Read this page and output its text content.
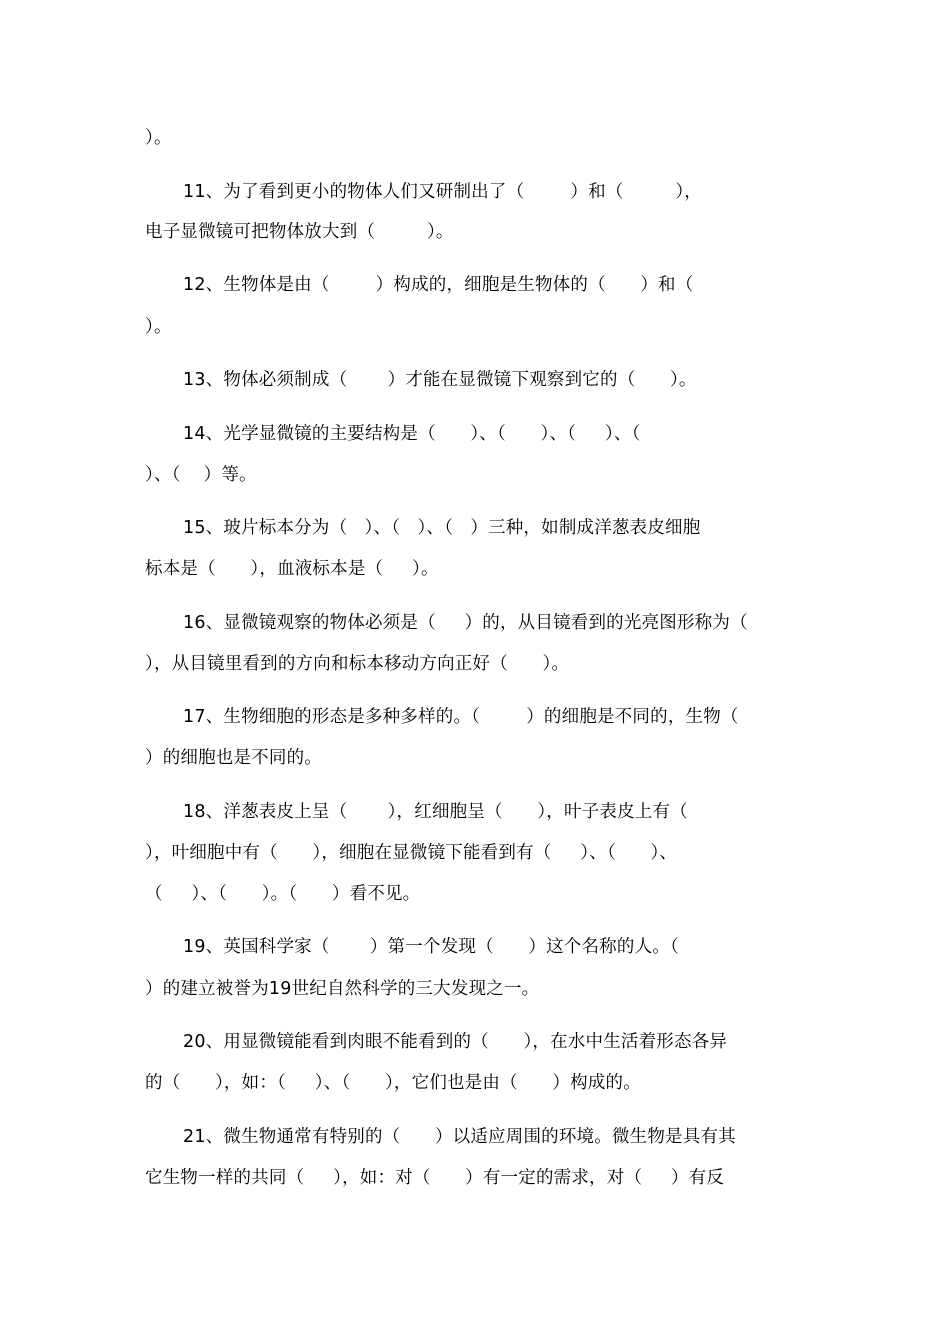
）。
11、为了看到更小的物体人们又研制出了（        ）和（         ），
电子显微镜可把物体放大到（         ）。
12、生物体是由（        ）构成的，细胞是生物体的（      ）和（
）。
13、物体必须制成（       ）才能在显微镜下观察到它的（      ）。
14、光学显微镜的主要结构是（      ）、（      ）、（     ）、（
）、（    ）等。
15、玻片标本分为（   ）、（   ）、（   ）三种，如制成洋葱表皮细胞
标本是（      ），血液标本是（     ）。
16、显微镜观察的物体必须是（     ）的，从目镜看到的光亮图形称为（
），从目镜里看到的方向和标本移动方向正好（      ）。
17、生物细胞的形态是多种多样的。（        ）的细胞是不同的，生物（
）的细胞也是不同的。
18、洋葱表皮上呈（       ），红细胞呈（      ），叶子表皮上有（
），叶细胞中有（      ），细胞在显微镜下能看到有（     ）、（      ）、
（     ）、（      ）。（      ）看不见。
19、英国科学家（       ）第一个发现（      ）这个名称的人。（
）的建立被誉为19世纪自然科学的三大发现之一。
20、用显微镜能看到肉眼不能看到的（      ），在水中生活着形态各异
的（      ），如：（     ）、（      ），它们也是由（      ）构成的。
21、微生物通常有特别的（      ）以适应周围的环境。微生物是具有其
它生物一样的共同（     ），如：对（      ）有一定的需求，对（     ）有反
